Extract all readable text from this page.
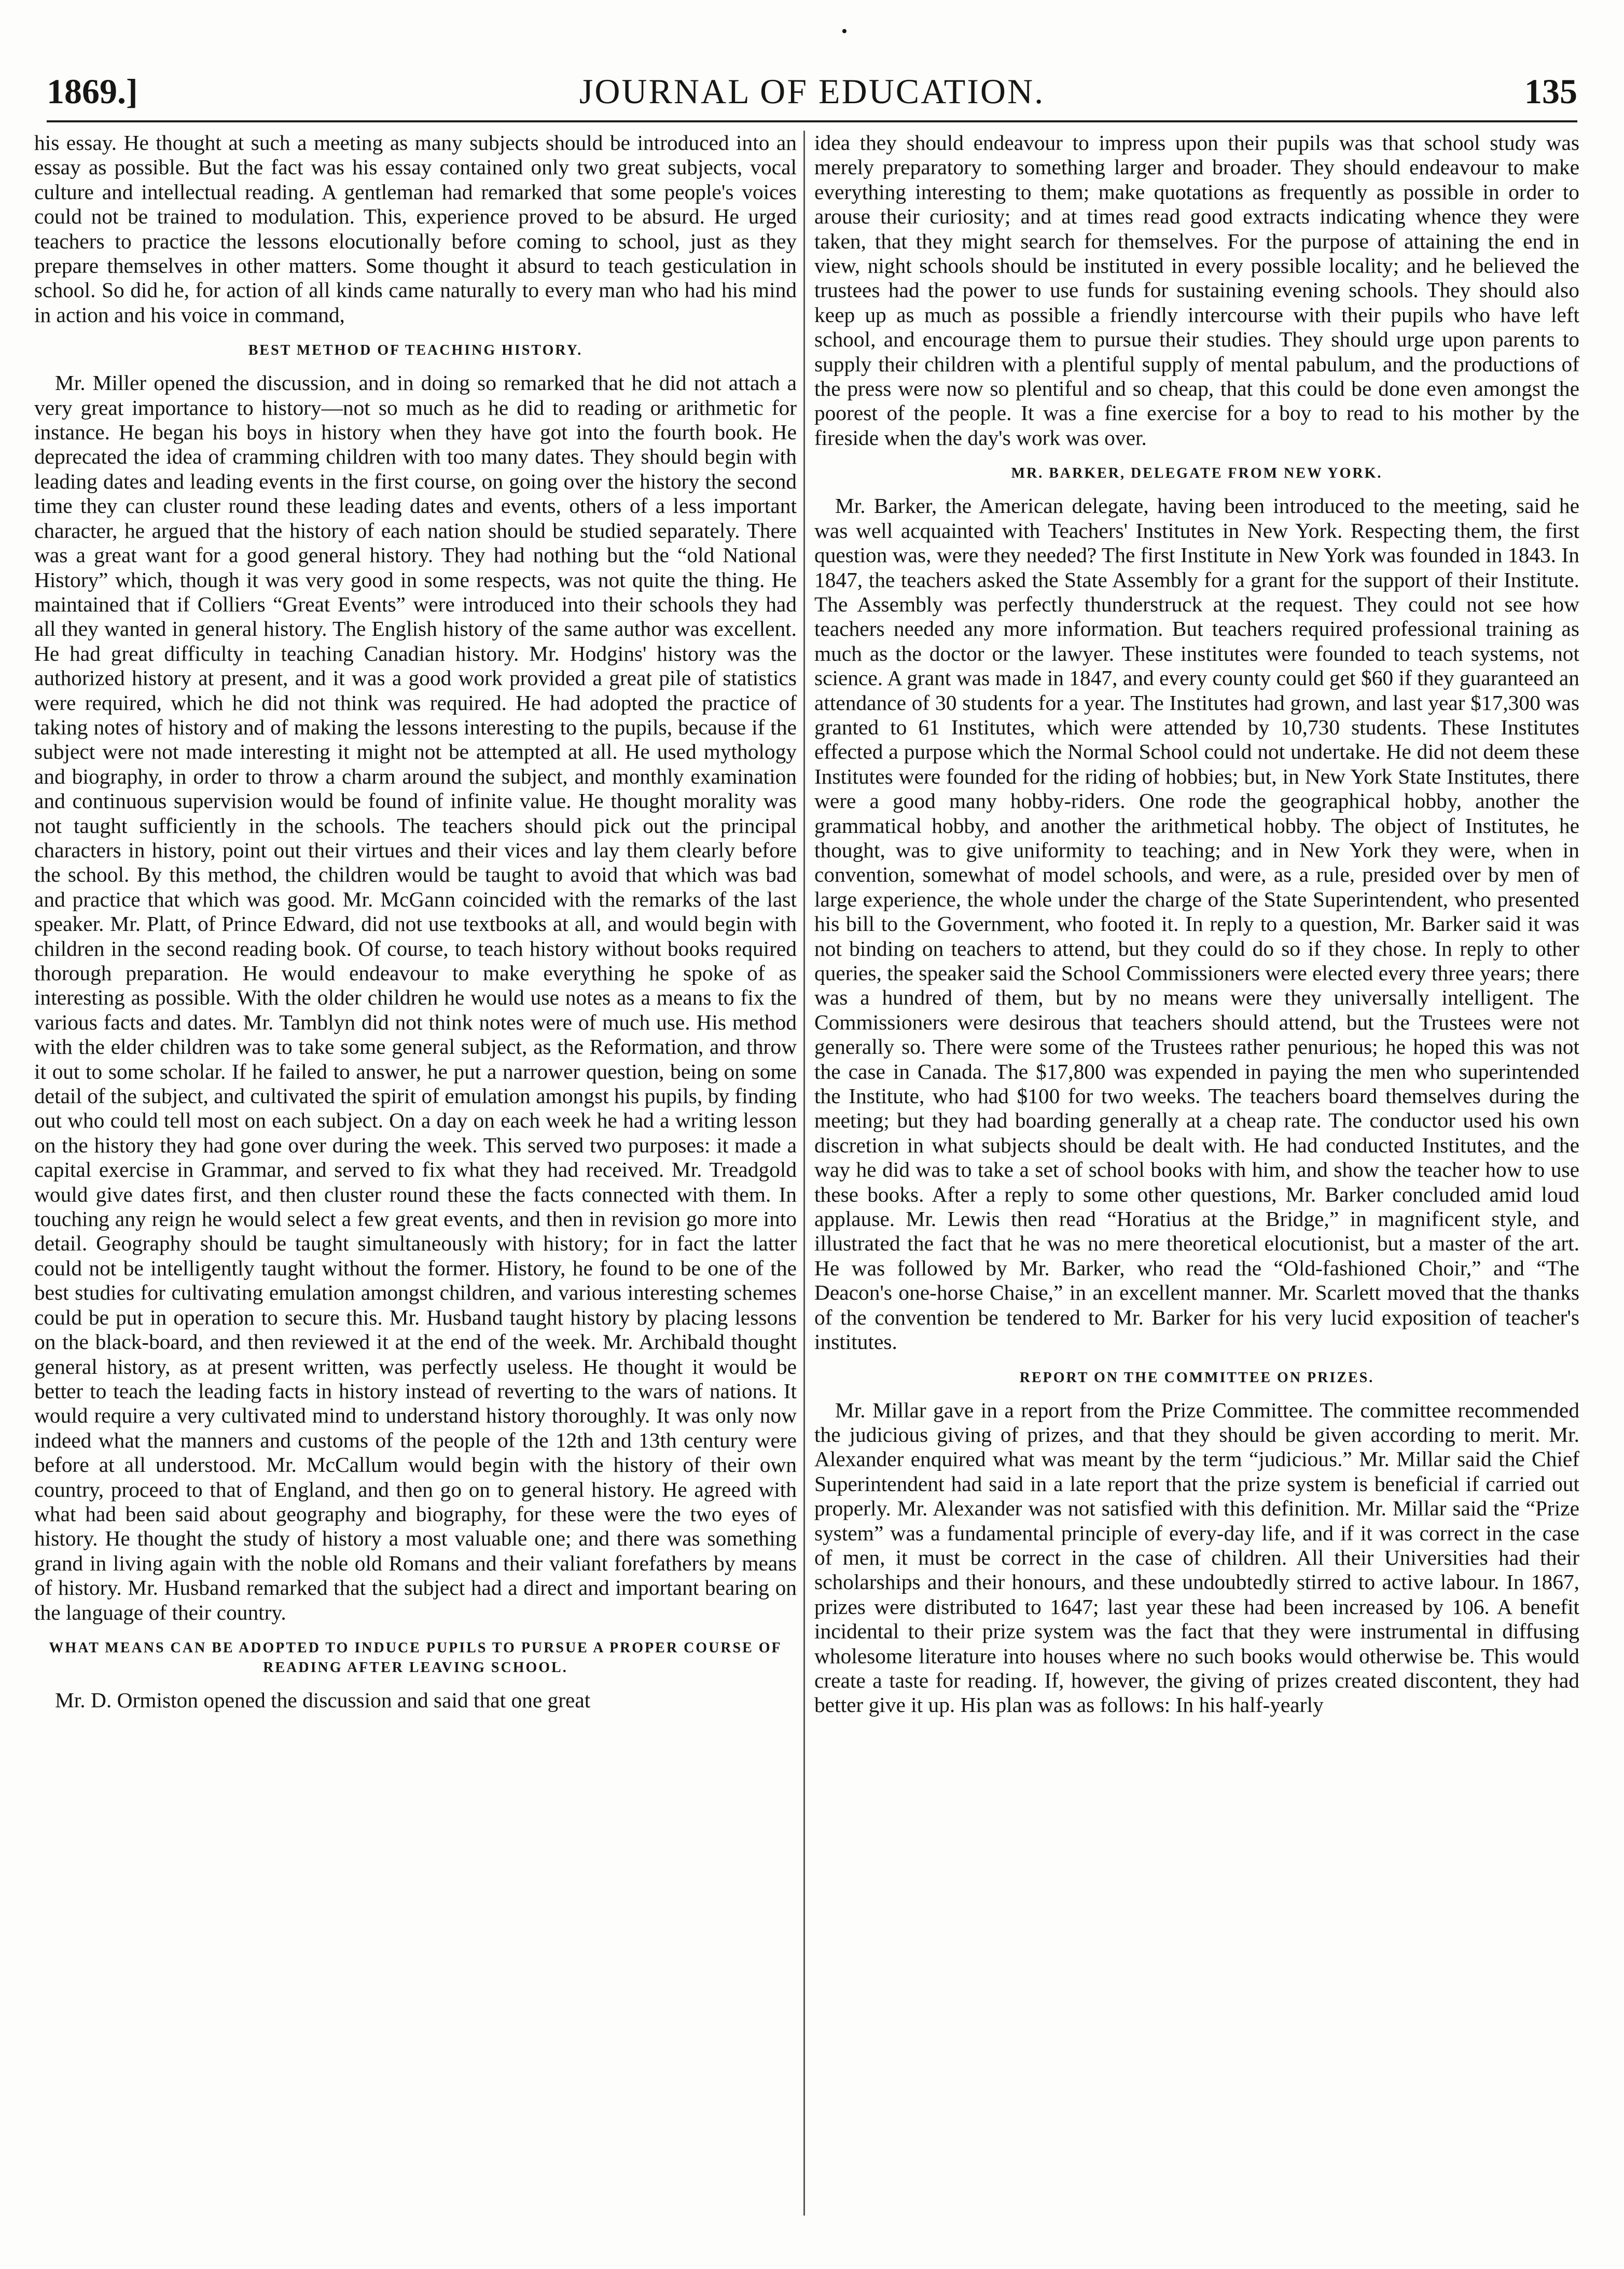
•
1869.]	JOURNAL OF EDUCATION.	135

his essay. He thought at such a meeting as many subjects should be introduced into an essay as possible. But the fact was his essay contained only two great subjects, vocal culture and intellectual reading. A gentleman had remarked that some people's voices could not be trained to modulation. This, experience proved to be absurd. He urged teachers to practice the lessons elocutionally before coming to school, just as they prepare themselves in other matters. Some thought it absurd to teach gesticulation in school. So did he, for action of all kinds came naturally to every man who had his mind in action and his voice in command,

BEST METHOD OF TEACHING HISTORY.

Mr. Miller opened the discussion, and in doing so remarked that he did not attach a very great importance to history—not so much as he did to reading or arithmetic for instance. He began his boys in history when they have got into the fourth book. He deprecated the idea of cramming children with too many dates. They should begin with leading dates and leading events in the first course, on going over the history the second time they can cluster round these leading dates and events, others of a less important character, he argued that the history of each nation should be studied separately. There was a great want for a good general history. They had nothing but the “old National History” which, though it was very good in some respects, was not quite the thing. He maintained that if Colliers “Great Events” were introduced into their schools they had all they wanted in general history. The English history of the same author was excellent. He had great difficulty in teaching Canadian history. Mr. Hodgins' history was the authorized history at present, and it was a good work provided a great pile of statistics were required, which he did not think was required. He had adopted the practice of taking notes of history and of making the lessons interesting to the pupils, because if the subject were not made interesting it might not be attempted at all. He used mythology and biography, in order to throw a charm around the subject, and monthly examination and continuous supervision would be found of infinite value. He thought morality was not taught sufficiently in the schools. The teachers should pick out the principal characters in history, point out their virtues and their vices and lay them clearly before the school. By this method, the children would be taught to avoid that which was bad and practice that which was good. Mr. McGann coincided with the remarks of the last speaker. Mr. Platt, of Prince Edward, did not use textbooks at all, and would begin with children in the second reading book. Of course, to teach history without books required thorough preparation. He would endeavour to make everything he spoke of as interesting as possible. With the older children he would use notes as a means to fix the various facts and dates. Mr. Tamblyn did not think notes were of much use. His method with the elder children was to take some general subject, as the Reformation, and throw it out to some scholar. If he failed to answer, he put a narrower question, being on some detail of the subject, and cultivated the spirit of emulation amongst his pupils, by finding out who could tell most on each subject. On a day on each week he had a writing lesson on the history they had gone over during the week. This served two purposes: it made a capital exercise in Grammar, and served to fix what they had received. Mr. Treadgold would give dates first, and then cluster round these the facts connected with them. In touching any reign he would select a few great events, and then in revision go more into detail. Geography should be taught simultaneously with history; for in fact the latter could not be intelligently taught without the former. History, he found to be one of the best studies for cultivating emulation amongst children, and various interesting schemes could be put in operation to secure this. Mr. Husband taught history by placing lessons on the black-board, and then reviewed it at the end of the week. Mr. Archibald thought general history, as at present written, was perfectly useless. He thought it would be better to teach the leading facts in history instead of reverting to the wars of nations. It would require a very cultivated mind to understand history thoroughly. It was only now indeed what the manners and customs of the people of the 12th and 13th century were before at all understood. Mr. McCallum would begin with the history of their own country, proceed to that of England, and then go on to general history. He agreed with what had been said about geography and biography, for these were the two eyes of history. He thought the study of history a most valuable one; and there was something grand in living again with the noble old Romans and their valiant forefathers by means of history. Mr. Husband remarked that the subject had a direct and important bearing on the language of their country.

WHAT MEANS CAN BE ADOPTED TO INDUCE PUPILS TO PURSUE A PROPER COURSE OF READING AFTER LEAVING SCHOOL.

Mr. D. Ormiston opened the discussion and said that one great

idea they should endeavour to impress upon their pupils was that school study was merely preparatory to something larger and broader. They should endeavour to make everything interesting to them; make quotations as frequently as possible in order to arouse their curiosity; and at times read good extracts indicating whence they were taken, that they might search for themselves. For the purpose of attaining the end in view, night schools should be instituted in every possible locality; and he believed the trustees had the power to use funds for sustaining evening schools. They should also keep up as much as possible a friendly intercourse with their pupils who have left school, and encourage them to pursue their studies. They should urge upon parents to supply their children with a plentiful supply of mental pabulum, and the productions of the press were now so plentiful and so cheap, that this could be done even amongst the poorest of the people. It was a fine exercise for a boy to read to his mother by the fireside when the day's work was over.

MR. BARKER, DELEGATE FROM NEW YORK.

Mr. Barker, the American delegate, having been introduced to the meeting, said he was well acquainted with Teachers' Institutes in New York. Respecting them, the first question was, were they needed? The first Institute in New York was founded in 1843. In 1847, the teachers asked the State Assembly for a grant for the support of their Institute. The Assembly was perfectly thunderstruck at the request. They could not see how teachers needed any more information. But teachers required professional training as much as the doctor or the lawyer. These institutes were founded to teach systems, not science. A grant was made in 1847, and every county could get $60 if they guaranteed an attendance of 30 students for a year. The Institutes had grown, and last year $17,300 was granted to 61 Institutes, which were attended by 10,730 students. These Institutes effected a purpose which the Normal School could not undertake. He did not deem these Institutes were founded for the riding of hobbies; but, in New York State Institutes, there were a good many hobby-riders. One rode the geographical hobby, another the grammatical hobby, and another the arithmetical hobby. The object of Institutes, he thought, was to give uniformity to teaching; and in New York they were, when in convention, somewhat of model schools, and were, as a rule, presided over by men of large experience, the whole under the charge of the State Superintendent, who presented his bill to the Government, who footed it. In reply to a question, Mr. Barker said it was not binding on teachers to attend, but they could do so if they chose. In reply to other queries, the speaker said the School Commissioners were elected every three years; there was a hundred of them, but by no means were they universally intelligent. The Commissioners were desirous that teachers should attend, but the Trustees were not generally so. There were some of the Trustees rather penurious; he hoped this was not the case in Canada. The $17,800 was expended in paying the men who superintended the Institute, who had $100 for two weeks. The teachers board themselves during the meeting; but they had boarding generally at a cheap rate. The conductor used his own discretion in what subjects should be dealt with. He had conducted Institutes, and the way he did was to take a set of school books with him, and show the teacher how to use these books. After a reply to some other questions, Mr. Barker concluded amid loud applause. Mr. Lewis then read “Horatius at the Bridge,” in magnificent style, and illustrated the fact that he was no mere theoretical elocutionist, but a master of the art. He was followed by Mr. Barker, who read the “Old-fashioned Choir,” and “The Deacon's one-horse Chaise,” in an excellent manner. Mr. Scarlett moved that the thanks of the convention be tendered to Mr. Barker for his very lucid exposition of teacher's institutes.

REPORT ON THE COMMITTEE ON PRIZES.

Mr. Millar gave in a report from the Prize Committee. The committee recommended the judicious giving of prizes, and that they should be given according to merit. Mr. Alexander enquired what was meant by the term “judicious.” Mr. Millar said the Chief Superintendent had said in a late report that the prize system is beneficial if carried out properly. Mr. Alexander was not satisfied with this definition. Mr. Millar said the “Prize system” was a fundamental principle of every-day life, and if it was correct in the case of men, it must be correct in the case of children. All their Universities had their scholarships and their honours, and these undoubtedly stirred to active labour. In 1867, prizes were distributed to 1647; last year these had been increased by 106. A benefit incidental to their prize system was the fact that they were instrumental in diffusing wholesome literature into houses where no such books would otherwise be. This would create a taste for reading. If, however, the giving of prizes created discontent, they had better give it up. His plan was as follows: In his half-yearly
